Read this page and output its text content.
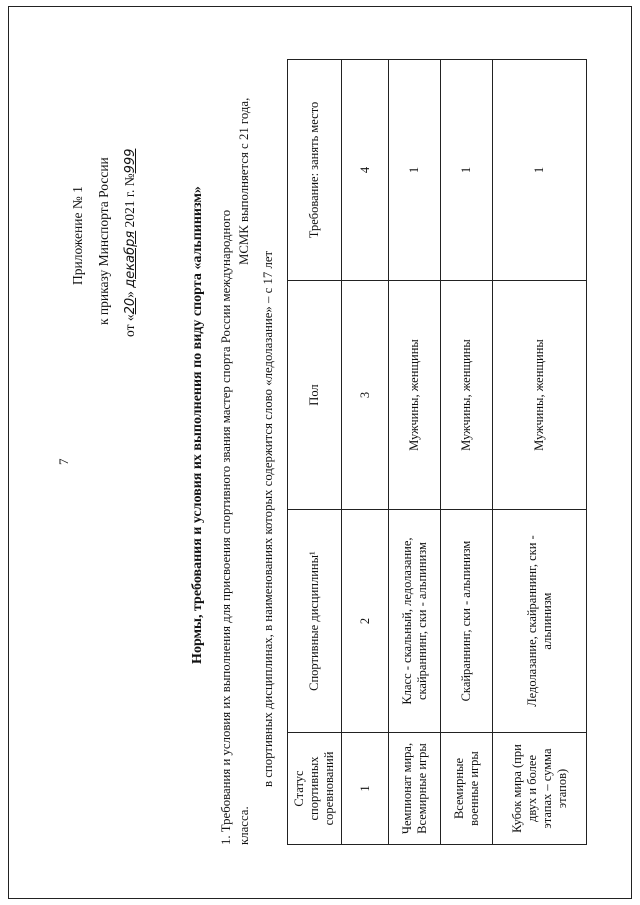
7
Приложение № 1 к приказу Минспорта России
от «20» декабря 2021 г. №999
Нормы, требования и условия их выполнения по виду спорта «альпинизм» 1. Требования и условия их выполнения для присвоения спортивного звания мастер спорта России международного класса.
МСМК выполняется с 21 года,
в спортивных дисциплинах, в наименованиях которых содержится слово «ледолазание» – с 17 лет
Статус спортивных соревнований	Спортивные дисциплины¹	Пол	Требование: занять место
1	2	3	4
Чемпионат мира, Всемирные игры	Класс - скальный, ледолазание, скайраннинг, ски - альпинизм	Мужчины, женщины	1
Всемирные военные игры	Скайраннинг, ски - альпинизм	Мужчины, женщины	1
Кубок мира (при двух и более этапах – сумма этапов)	Ледолазание, скайраннинг, ски - альпинизм	Мужчины, женщины	1
